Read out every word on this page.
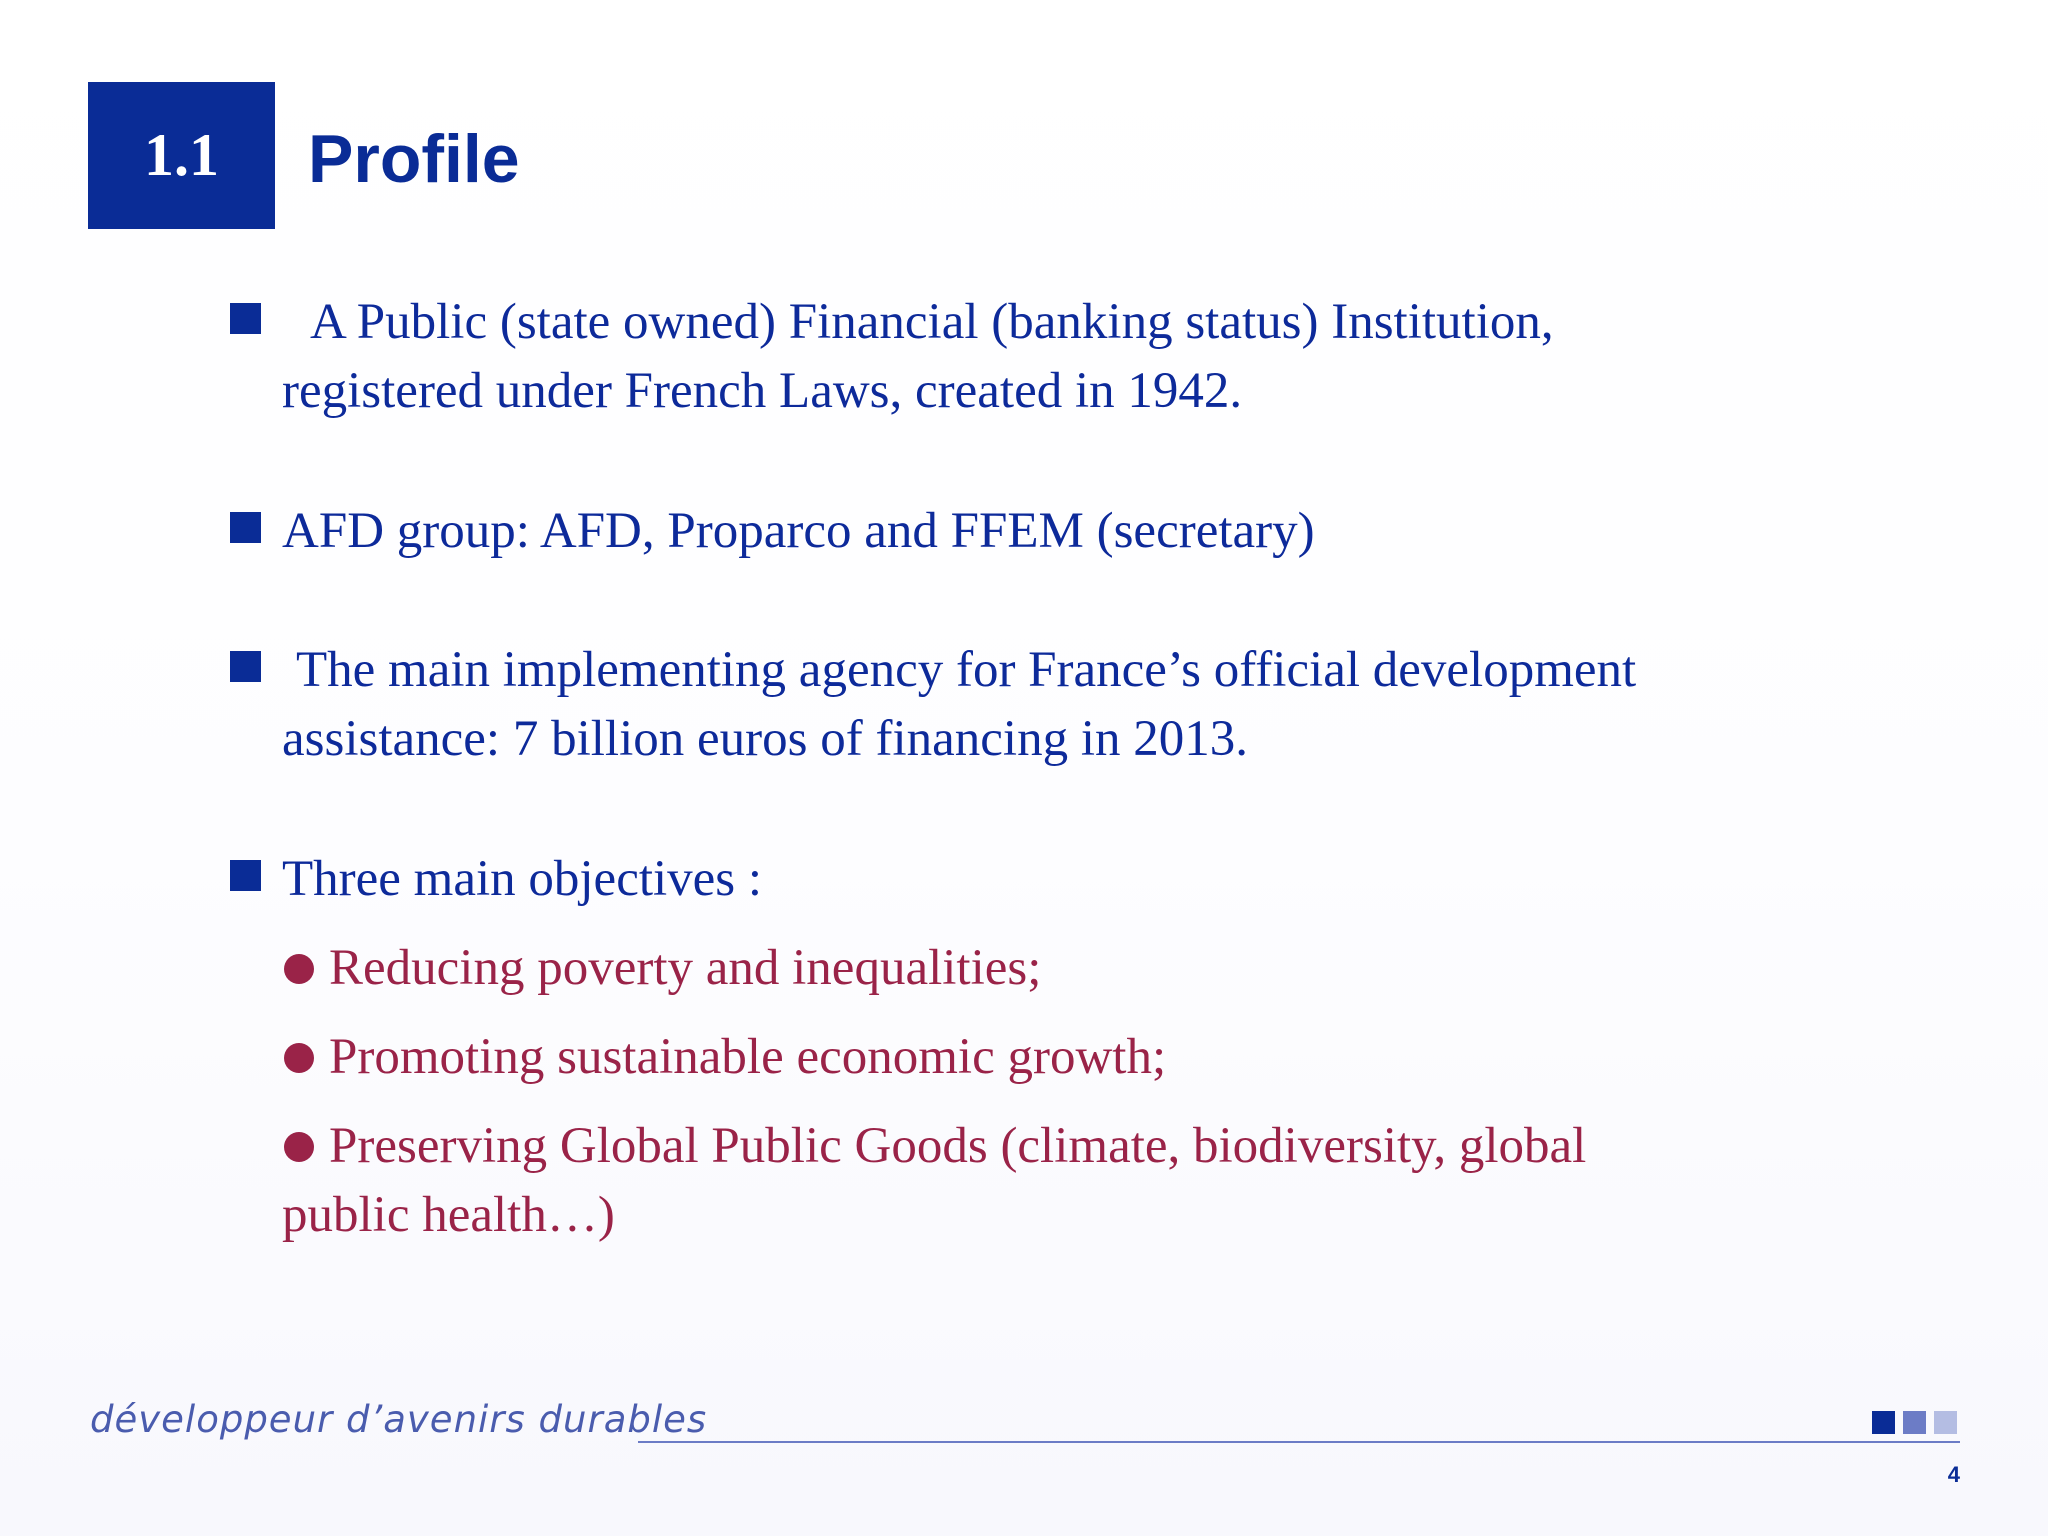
1.1 Profile
A Public (state owned) Financial (banking status) Institution,
registered under French Laws, created in 1942.
AFD group: AFD, Proparco and FFEM (secretary)
The main implementing agency for France’s official development
assistance: 7 billion euros of financing in 2013.
Three main objectives :
Reducing poverty and inequalities;
Promoting sustainable economic growth;
Preserving Global Public Goods (climate, biodiversity, global
public health…)
développeur d’avenirs durables
4
